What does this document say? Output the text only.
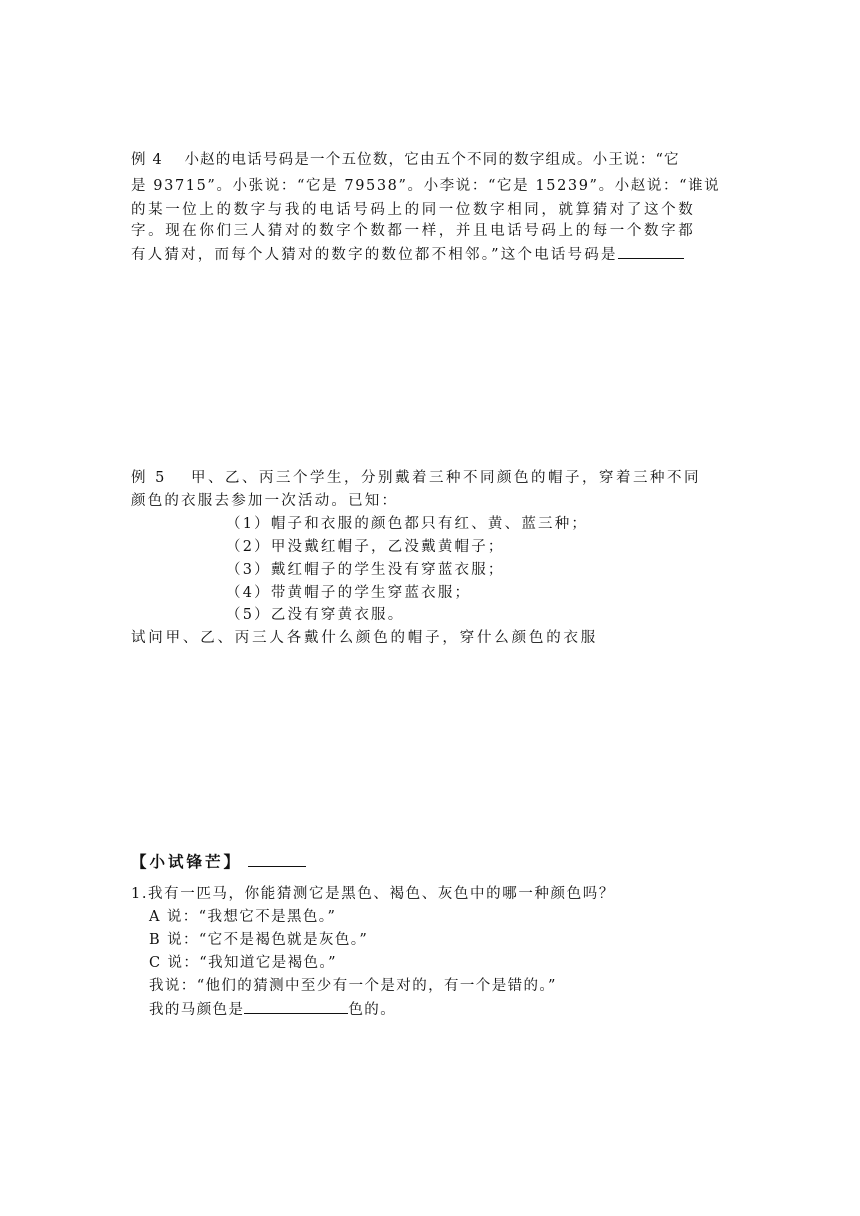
例 4　 小赵的电话号码是一个五位数，它由五个不同的数字组成。小王说：“它
是 93715”。小张说：“它是 79538”。小李说：“它是 15239”。小赵说：“谁说
的某一位上的数字与我的电话号码上的同一位数字相同，就算猜对了这个数
字。现在你们三人猜对的数字个数都一样，并且电话号码上的每一个数字都
有人猜对，而每个人猜对的数字的数位都不相邻。”这个电话号码是
例 5　 甲、乙、丙三个学生，分别戴着三种不同颜色的帽子，穿着三种不同
颜色的衣服去参加一次活动。已知：
（1）帽子和衣服的颜色都只有红、黄、蓝三种；
（2）甲没戴红帽子，乙没戴黄帽子；
（3）戴红帽子的学生没有穿蓝衣服；
（4）带黄帽子的学生穿蓝衣服；
（5）乙没有穿黄衣服。
试问甲、乙、丙三人各戴什么颜色的帽子，穿什么颜色的衣服
【小试锋芒】
1.我有一匹马，你能猜测它是黑色、褐色、灰色中的哪一种颜色吗？
A 说：“我想它不是黑色。”
B 说：“它不是褐色就是灰色。”
C 说：“我知道它是褐色。”
我说：“他们的猜测中至少有一个是对的，有一个是错的。”
我的马颜色是	色的。
